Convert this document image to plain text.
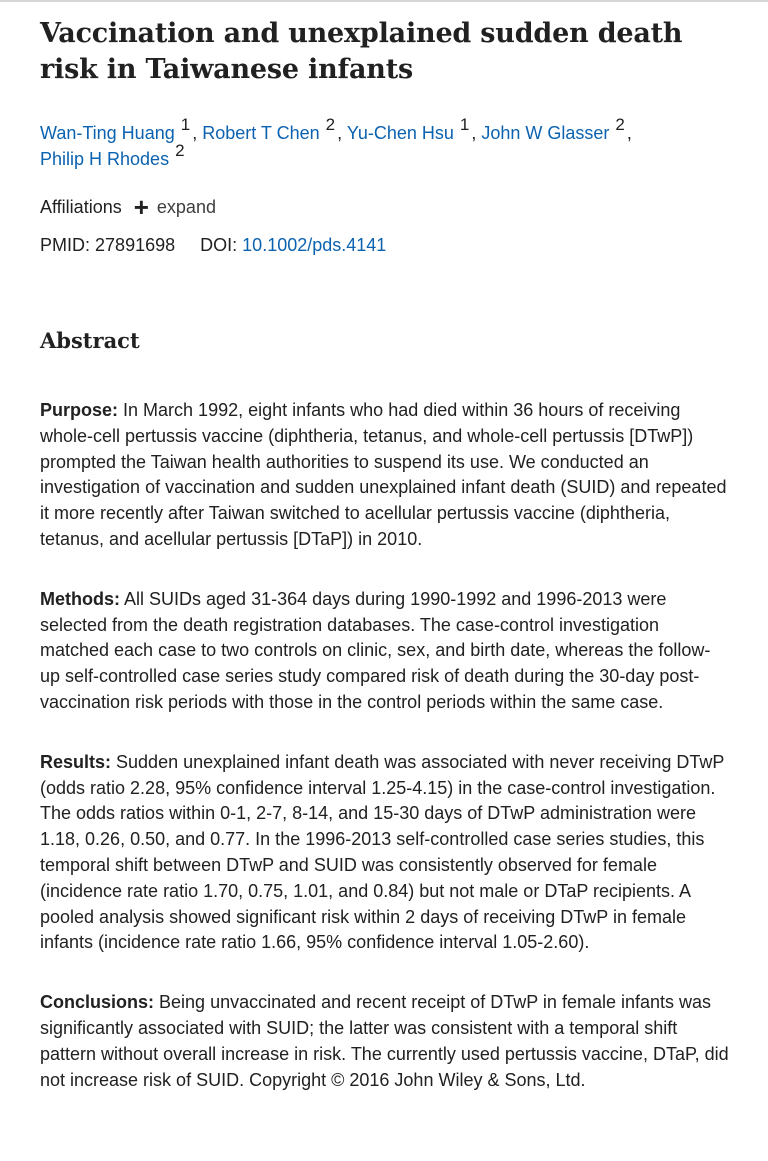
Vaccination and unexplained sudden death risk in Taiwanese infants
Wan-Ting Huang $^1$ , Robert T Chen $^2$ , Yu-Chen Hsu $^1$ , John W Glasser $^2$ ,
Philip H Rhodes $^2$
Affiliations + expand
PMID: 27891698 DOI: 10.1002/pds.4141
Abstract
Purpose: In March 1992, eight infants who had died within 36 hours of receiving whole-cell pertussis vaccine (diphtheria, tetanus, and whole-cell pertussis [DTwP]) prompted the Taiwan health authorities to suspend its use. We conducted an investigation of vaccination and sudden unexplained infant death (SUID) and repeated it more recently after Taiwan switched to acellular pertussis vaccine (diphtheria, tetanus, and acellular pertussis [DTaP]) in 2010.
Methods: All SUIDs aged 31-364 days during 1990-1992 and 1996-2013 were selected from the death registration databases. The case-control investigation matched each case to two controls on clinic, sex, and birth date, whereas the follow-up self-controlled case series study compared risk of death during the 30-day post-vaccination risk periods with those in the control periods within the same case.
Results: Sudden unexplained infant death was associated with never receiving DTwP (odds ratio 2.28, 95% confidence interval 1.25-4.15) in the case-control investigation. The odds ratios within 0-1, 2-7, 8-14, and 15-30 days of DTwP administration were 1.18, 0.26, 0.50, and 0.77. In the 1996-2013 self-controlled case series studies, this temporal shift between DTwP and SUID was consistently observed for female (incidence rate ratio 1.70, 0.75, 1.01, and 0.84) but not male or DTaP recipients. A pooled analysis showed significant risk within 2 days of receiving DTwP in female infants (incidence rate ratio 1.66, 95% confidence interval 1.05-2.60).
Conclusions: Being unvaccinated and recent receipt of DTwP in female infants was significantly associated with SUID; the latter was consistent with a temporal shift pattern without overall increase in risk. The currently used pertussis vaccine, DTaP, did not increase risk of SUID. Copyright © 2016 John Wiley & Sons, Ltd.
